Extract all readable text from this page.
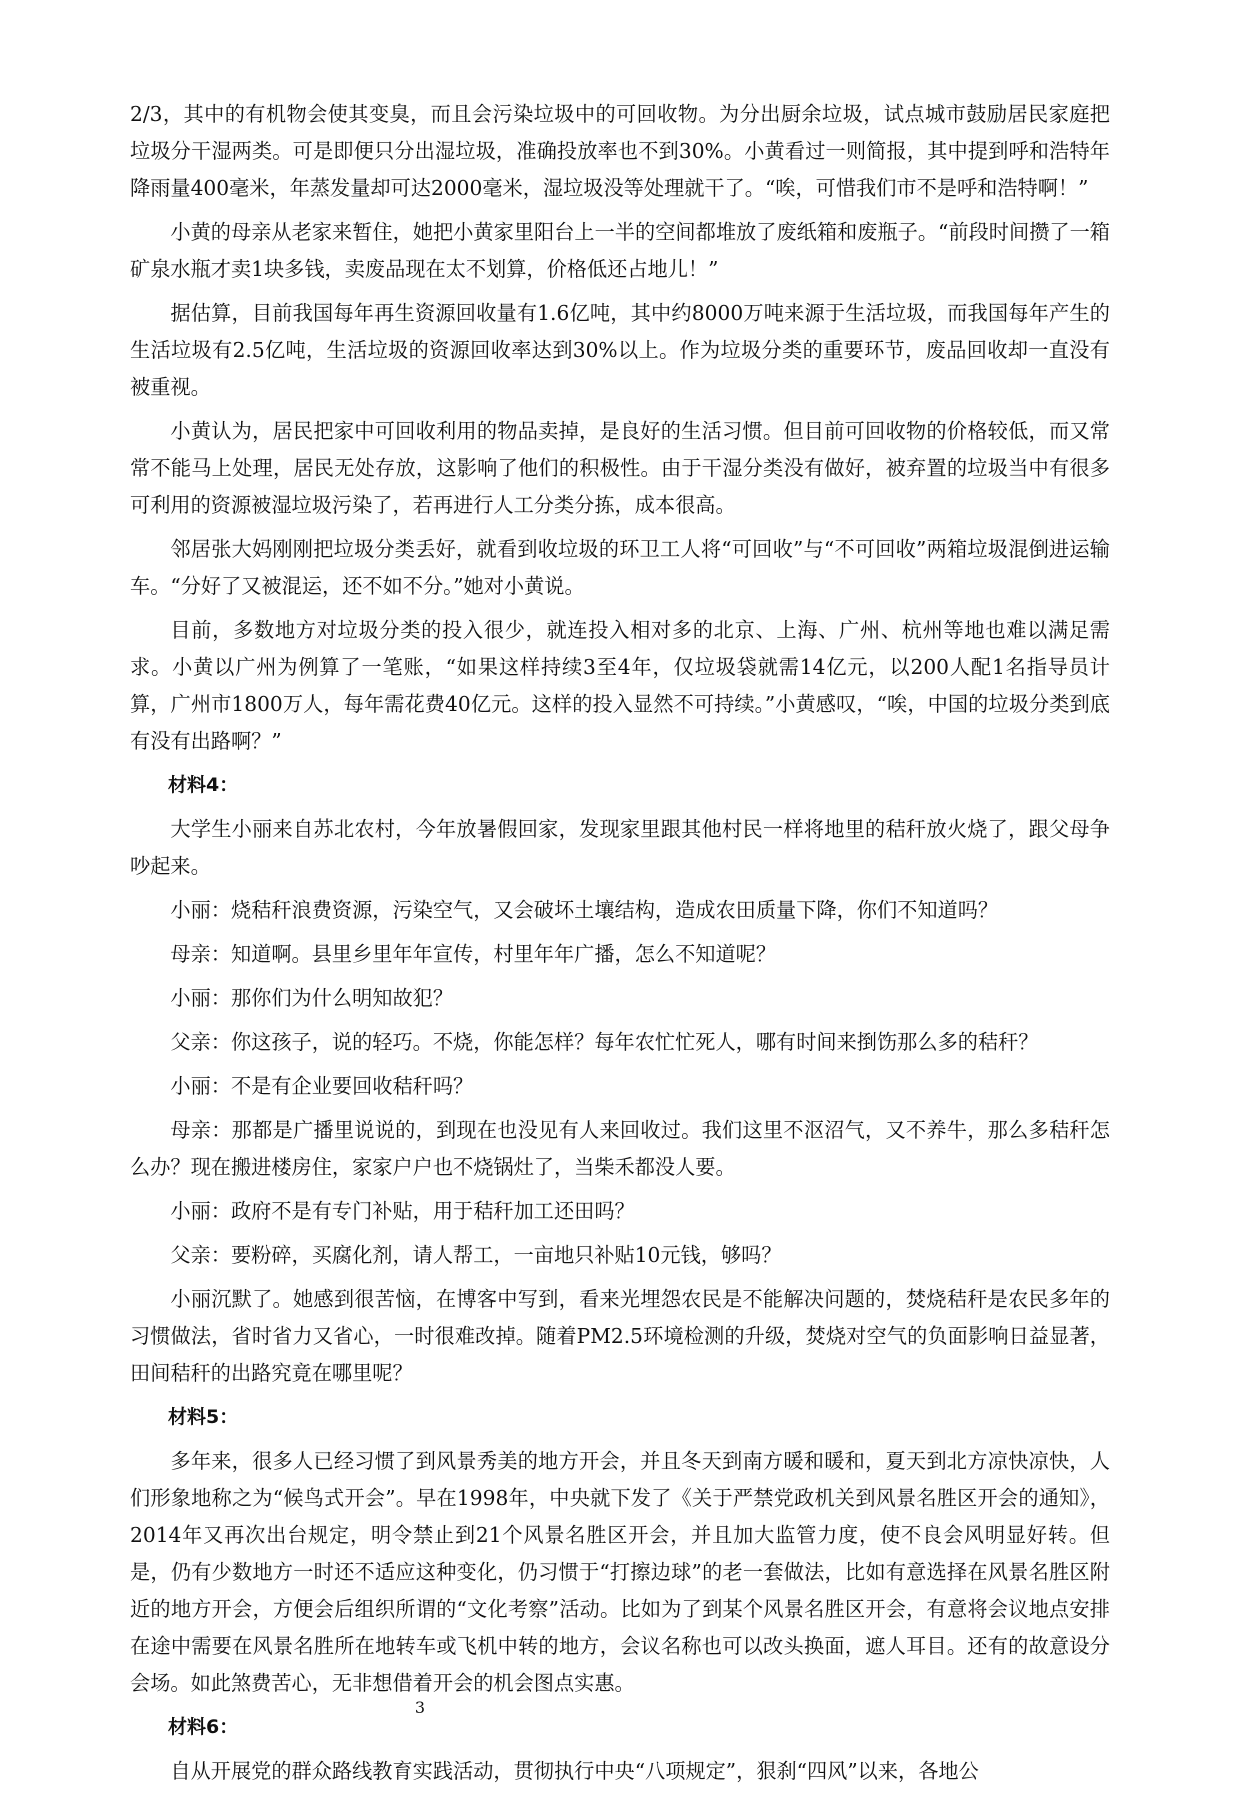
2/3，其中的有机物会使其变臭，而且会污染垃圾中的可回收物。为分出厨余垃圾，试点城市鼓励居民家庭把垃圾分干湿两类。可是即便只分出湿垃圾，准确投放率也不到30%。小黄看过一则简报，其中提到呼和浩特年降雨量400毫米，年蒸发量却可达2000毫米，湿垃圾没等处理就干了。“唉，可惜我们市不是呼和浩特啊！”
小黄的母亲从老家来暂住，她把小黄家里阳台上一半的空间都堆放了废纸箱和废瓶子。“前段时间攒了一箱矿泉水瓶才卖1块多钱，卖废品现在太不划算，价格低还占地儿！”
据估算，目前我国每年再生资源回收量有1.6亿吨，其中约8000万吨来源于生活垃圾，而我国每年产生的生活垃圾有2.5亿吨，生活垃圾的资源回收率达到30%以上。作为垃圾分类的重要环节，废品回收却一直没有被重视。
小黄认为，居民把家中可回收利用的物品卖掉，是良好的生活习惯。但目前可回收物的价格较低，而又常常不能马上处理，居民无处存放，这影响了他们的积极性。由于干湿分类没有做好，被弃置的垃圾当中有很多可利用的资源被湿垃圾污染了，若再进行人工分类分拣，成本很高。
邻居张大妈刚刚把垃圾分类丢好，就看到收垃圾的环卫工人将“可回收”与“不可回收”两箱垃圾混倒进运输车。“分好了又被混运，还不如不分。”她对小黄说。
目前，多数地方对垃圾分类的投入很少，就连投入相对多的北京、上海、广州、杭州等地也难以满足需求。小黄以广州为例算了一笔账，“如果这样持续3至4年，仅垃圾袋就需14亿元，以200人配1名指导员计算，广州市1800万人，每年需花费40亿元。这样的投入显然不可持续。”小黄感叹，“唉，中国的垃圾分类到底有没有出路啊？”
材料4：
大学生小丽来自苏北农村，今年放暑假回家，发现家里跟其他村民一样将地里的秸秆放火烧了，跟父母争吵起来。
小丽：烧秸秆浪费资源，污染空气，又会破坏土壤结构，造成农田质量下降，你们不知道吗？
母亲：知道啊。县里乡里年年宣传，村里年年广播，怎么不知道呢？
小丽：那你们为什么明知故犯？
父亲：你这孩子，说的轻巧。不烧，你能怎样？每年农忙忙死人，哪有时间来捯饬那么多的秸秆？
小丽：不是有企业要回收秸秆吗？
母亲：那都是广播里说说的，到现在也没见有人来回收过。我们这里不沤沼气，又不养牛，那么多秸秆怎么办？现在搬进楼房住，家家户户也不烧锅灶了，当柴禾都没人要。
小丽：政府不是有专门补贴，用于秸秆加工还田吗？
父亲：要粉碎，买腐化剂，请人帮工，一亩地只补贴10元钱，够吗？
小丽沉默了。她感到很苦恼，在博客中写到，看来光埋怨农民是不能解决问题的，焚烧秸秆是农民多年的习惯做法，省时省力又省心，一时很难改掉。随着PM2.5环境检测的升级，焚烧对空气的负面影响日益显著，田间秸秆的出路究竟在哪里呢？
材料5：
多年来，很多人已经习惯了到风景秀美的地方开会，并且冬天到南方暖和暖和，夏天到北方凉快凉快，人们形象地称之为“候鸟式开会”。早在1998年，中央就下发了《关于严禁党政机关到风景名胜区开会的通知》，2014年又再次出台规定，明令禁止到21个风景名胜区开会，并且加大监管力度，使不良会风明显好转。但是，仍有少数地方一时还不适应这种变化，仍习惯于“打擦边球”的老一套做法，比如有意选择在风景名胜区附近的地方开会，方便会后组织所谓的“文化考察”活动。比如为了到某个风景名胜区开会，有意将会议地点安排在途中需要在风景名胜所在地转车或飞机中转的地方，会议名称也可以改头换面，遮人耳目。还有的故意设分会场。如此煞费苦心，无非想借着开会的机会图点实惠。
材料6：
自从开展党的群众路线教育实践活动，贯彻执行中央“八项规定”，狠刹“四风”以来，各地公
3
